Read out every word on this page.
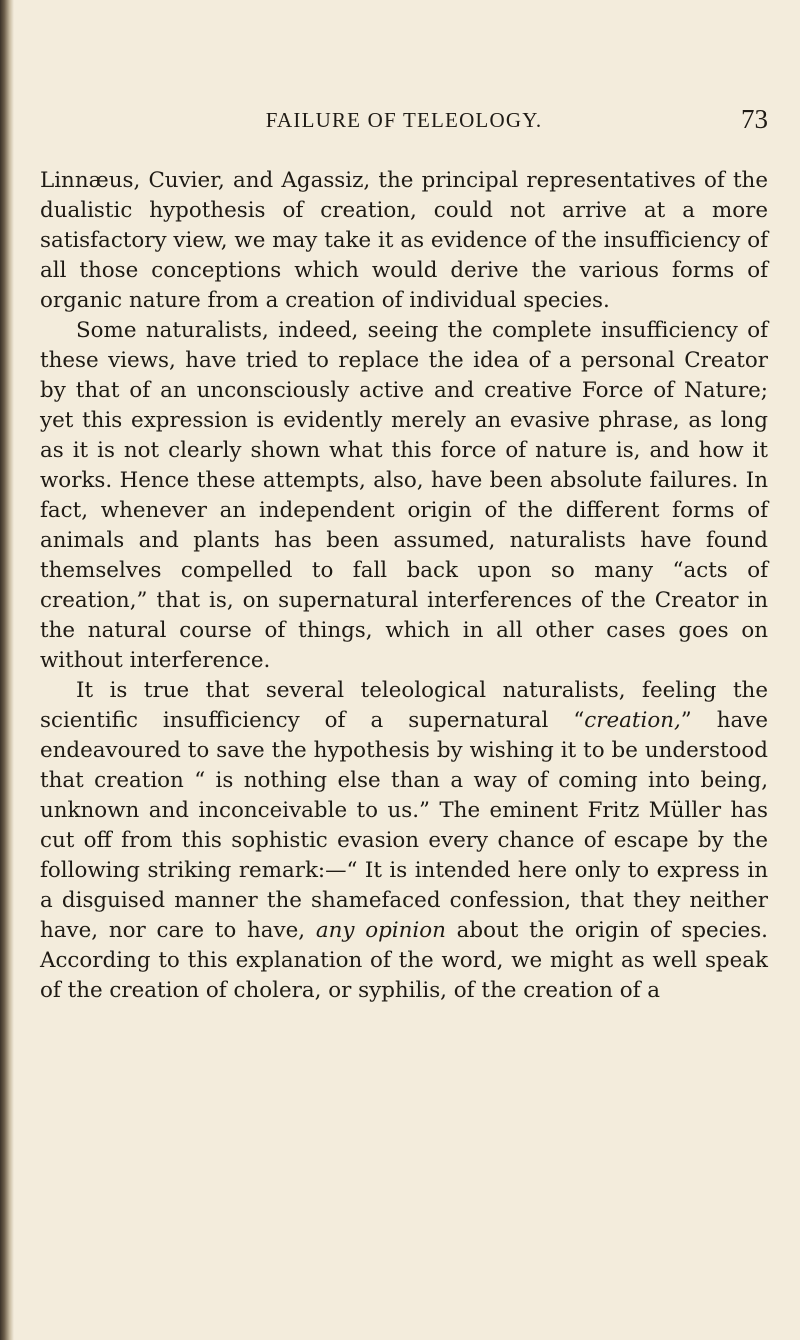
FAILURE OF TELEOLOGY.	73

Linnæus, Cuvier, and Agassiz, the principal representatives of the dualistic hypothesis of creation, could not arrive at a more satisfactory view, we may take it as evidence of the insufficiency of all those conceptions which would derive the various forms of organic nature from a creation of individual species.

Some naturalists, indeed, seeing the complete insufficiency of these views, have tried to replace the idea of a personal Creator by that of an unconsciously active and creative Force of Nature; yet this expression is evidently merely an evasive phrase, as long as it is not clearly shown what this force of nature is, and how it works. Hence these attempts, also, have been absolute failures. In fact, whenever an independent origin of the different forms of animals and plants has been assumed, naturalists have found themselves compelled to fall back upon so many “acts of creation,” that is, on supernatural interferences of the Creator in the natural course of things, which in all other cases goes on without interference.

It is true that several teleological naturalists, feeling the scientific insufficiency of a supernatural “creation,” have endeavoured to save the hypothesis by wishing it to be understood that creation “ is nothing else than a way of coming into being, unknown and inconceivable to us.” The eminent Fritz Müller has cut off from this sophistic evasion every chance of escape by the following striking remark:—“ It is intended here only to express in a disguised manner the shamefaced confession, that they neither have, nor care to have, any opinion about the origin of species. According to this explanation of the word, we might as well speak of the creation of cholera, or syphilis, of the creation of a
